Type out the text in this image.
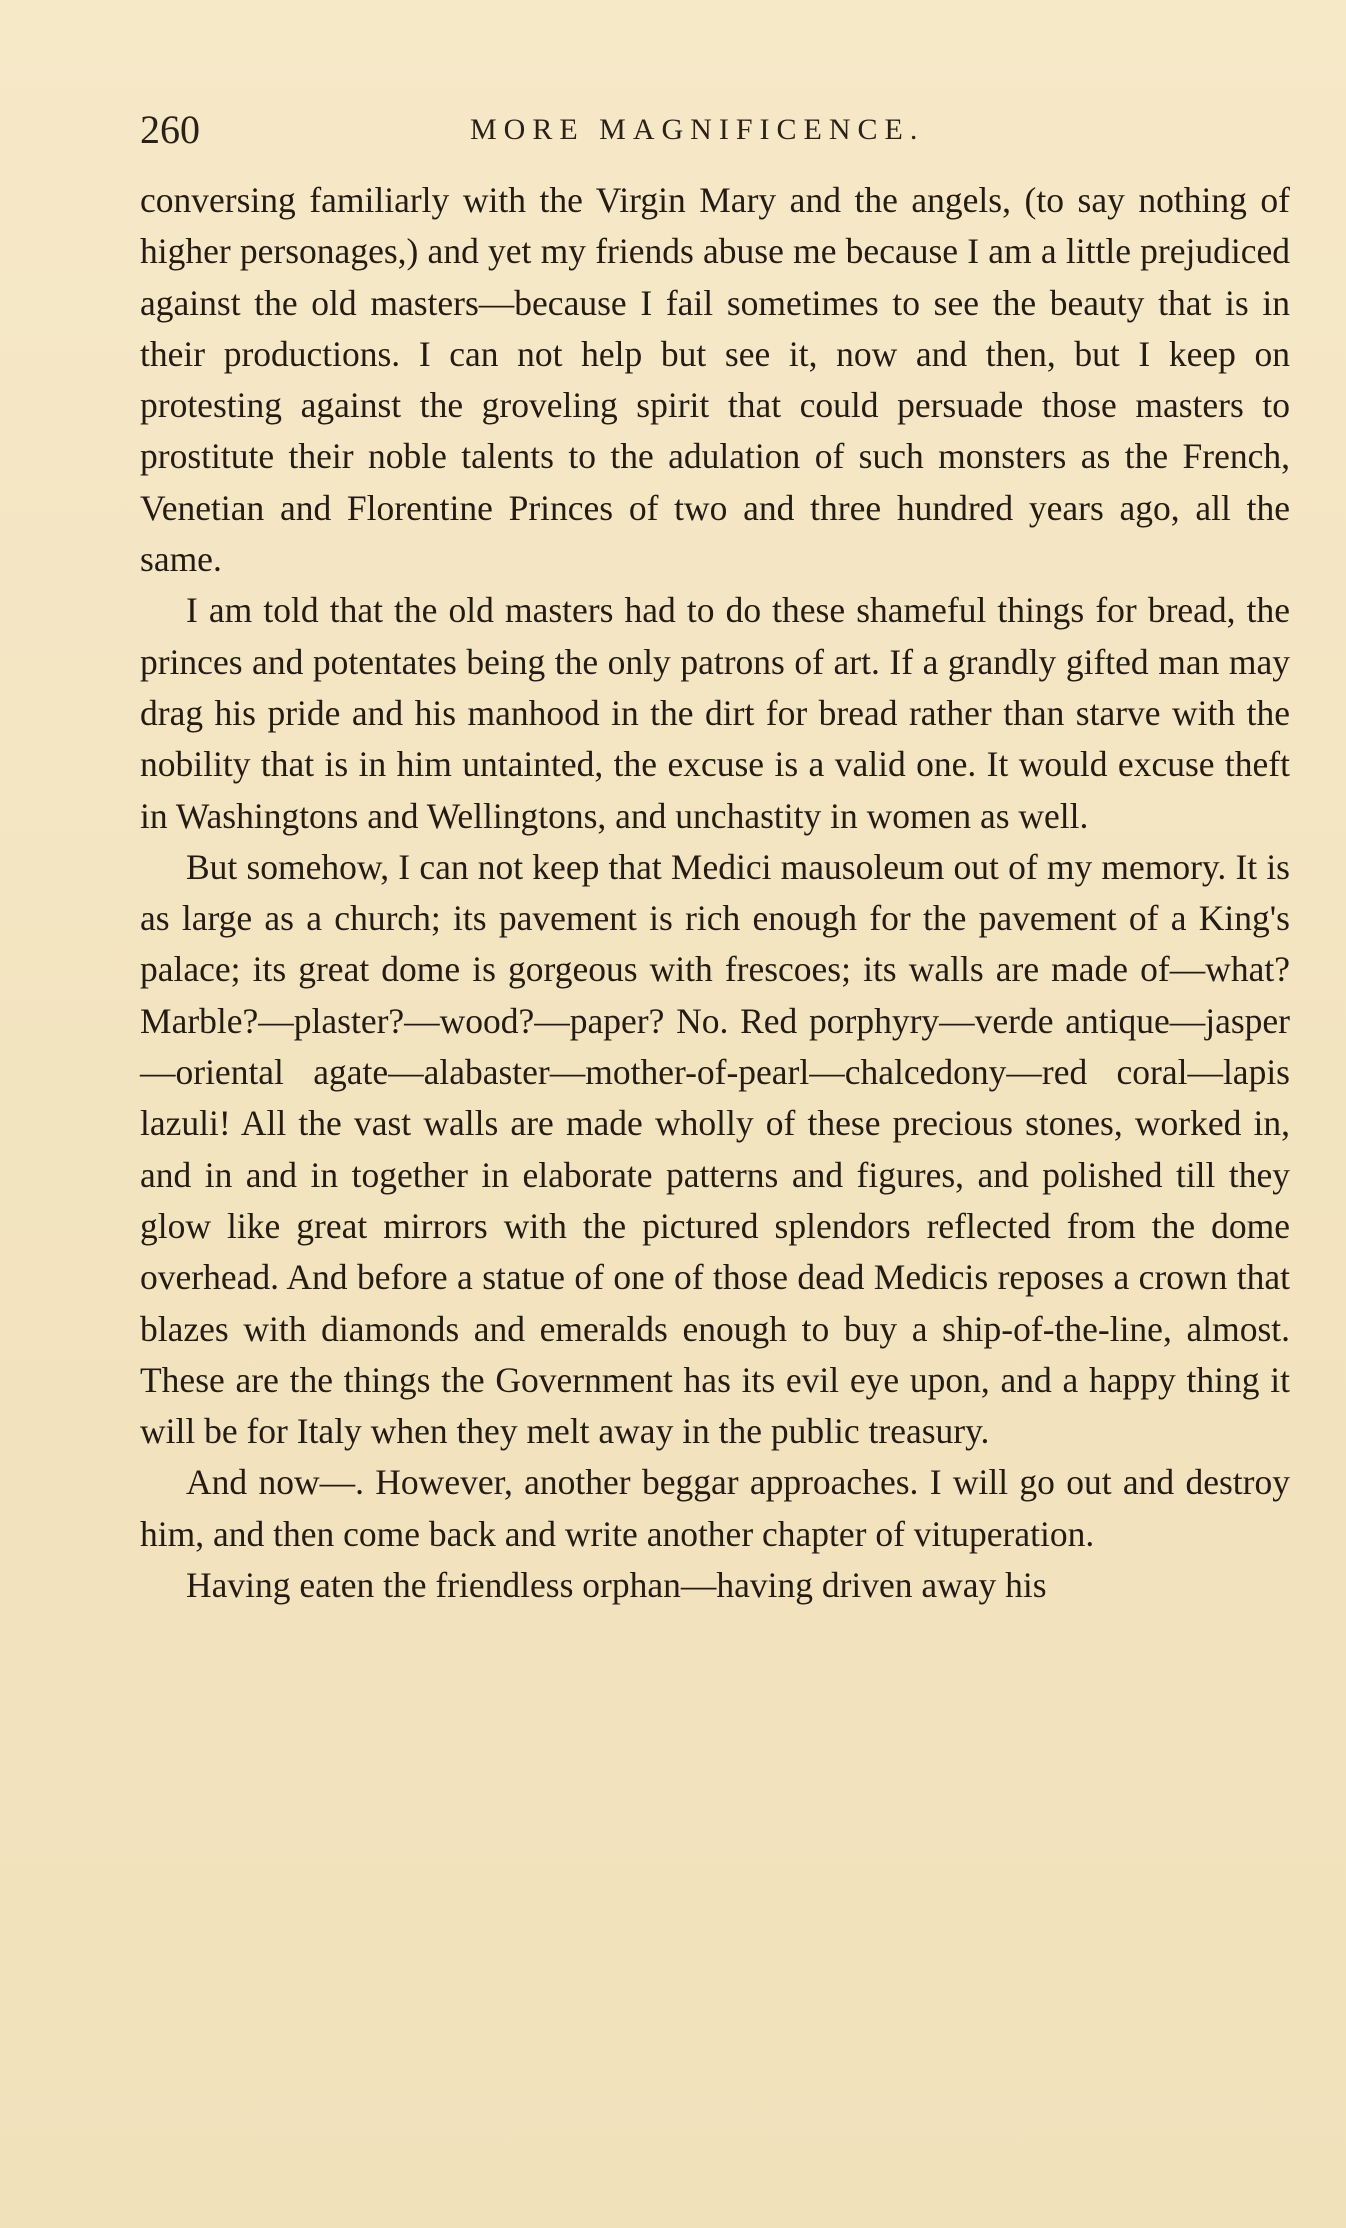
260	MORE MAGNIFICENCE.

conversing familiarly with the Virgin Mary and the angels, (to say nothing of higher personages,) and yet my friends abuse me because I am a little prejudiced against the old masters—because I fail sometimes to see the beauty that is in their productions. I can not help but see it, now and then, but I keep on protesting against the groveling spirit that could persuade those masters to prostitute their noble talents to the adulation of such monsters as the French, Venetian and Florentine Princes of two and three hundred years ago, all the same.

I am told that the old masters had to do these shameful things for bread, the princes and potentates being the only patrons of art. If a grandly gifted man may drag his pride and his manhood in the dirt for bread rather than starve with the nobility that is in him untainted, the excuse is a valid one. It would excuse theft in Washingtons and Wellingtons, and unchastity in women as well.

But somehow, I can not keep that Medici mausoleum out of my memory. It is as large as a church; its pavement is rich enough for the pavement of a King's palace; its great dome is gorgeous with frescoes; its walls are made of—what? Marble?—plaster?—wood?—paper? No. Red porphyry—verde antique—jasper—oriental agate—alabaster—mother-of-pearl—chalcedony—red coral—lapis lazuli! All the vast walls are made wholly of these precious stones, worked in, and in and in together in elaborate patterns and figures, and polished till they glow like great mirrors with the pictured splendors reflected from the dome overhead. And before a statue of one of those dead Medicis reposes a crown that blazes with diamonds and emeralds enough to buy a ship-of-the-line, almost. These are the things the Government has its evil eye upon, and a happy thing it will be for Italy when they melt away in the public treasury.

And now—. However, another beggar approaches. I will go out and destroy him, and then come back and write another chapter of vituperation.

Having eaten the friendless orphan—having driven away his
